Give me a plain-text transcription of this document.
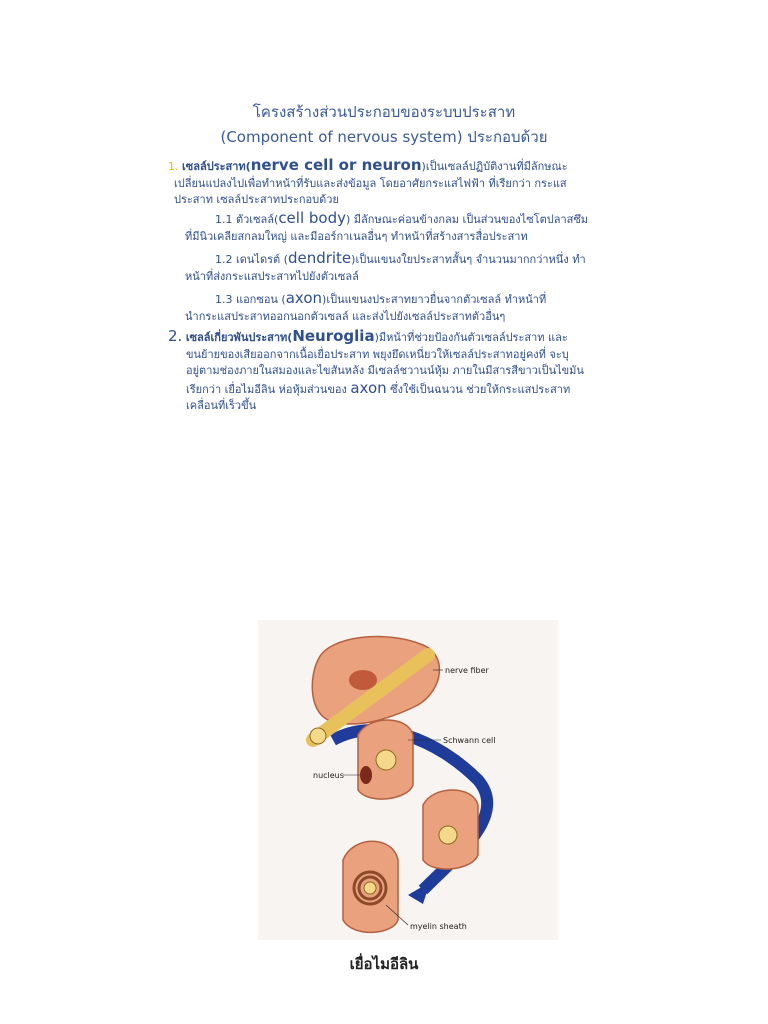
โครงสร้างส่วนประกอบของระบบประสาท
(Component of nervous system) ประกอบด้วย
1. เซลล์ประสาท(nerve cell or neuron)เป็นเซลล์ปฏิบัติงานที่มีลักษณะ
เปลี่ยนแปลงไปเพื่อทำหน้าที่รับและส่งข้อมูล โดยอาศัยกระแสไฟฟ้า ที่เรียกว่า กระแส
ประสาท เซลล์ประสาทประกอบด้วย
1.1 ตัวเซลล์(cell body) มีลักษณะค่อนข้างกลม เป็นส่วนของไซโตปลาสซึม
ที่มีนิวเคลียสกลมใหญ่ และมีออร์กาเนลอื่นๆ ทำหน้าที่สร้างสารสื่อประสาท
1.2 เดนไดรต์ (dendrite)เป็นแขนงใยประสาทสั้นๆ จำนวนมากกว่าหนึ่ง ทำ
หน้าที่ส่งกระแสประสาทไปยังตัวเซลล์
1.3 แอกซอน (axon)เป็นแขนงประสาทยาวยื่นจากตัวเซลล์ ทำหน้าที่
นำกระแสประสาทออกนอกตัวเซลล์ และส่งไปยังเซลล์ประสาทตัวอื่นๆ
2. เซลล์เกี่ยวพันประสาท(Neuroglia)มีหน้าที่ช่วยป้องกันตัวเซลล์ประสาท และ
ขนย้ายของเสียออกจากเนื้อเยื่อประสาท พยุงยึดเหนี่ยวให้เซลล์ประสาทอยู่คงที่ จะบุ
อยู่ตามช่องภายในสมองและไขสันหลัง มีเซลล์ชวานน์หุ้ม ภายในมีสารสีขาวเป็นไขมัน
เรียกว่า เยื่อไมอีลิน ห่อหุ้มส่วนของ axon ซึ่งใช้เป็นฉนวน ช่วยให้กระแสประสาท
เคลื่อนที่เร็วขึ้น
nerve fiber
Schwann cell
nucleus
myelin sheath
เยื่อไมอีลิน
